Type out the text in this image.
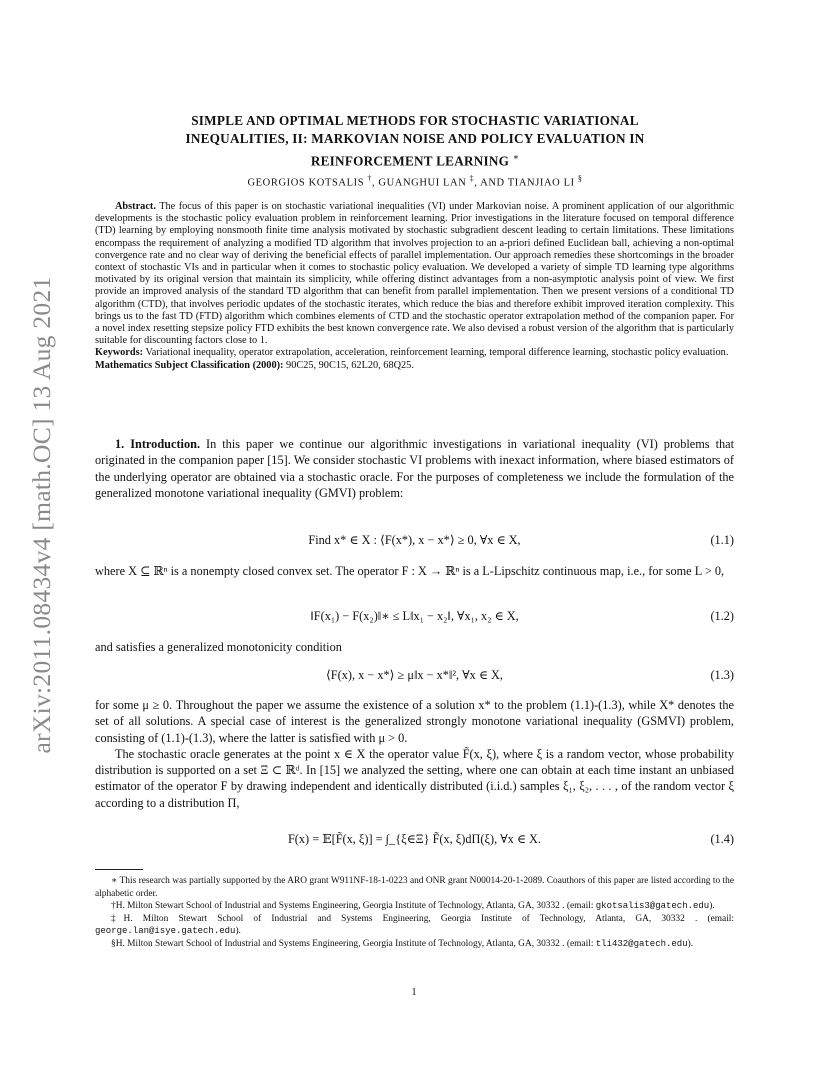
arXiv:2011.08434v4 [math.OC] 13 Aug 2021
SIMPLE AND OPTIMAL METHODS FOR STOCHASTIC VARIATIONAL
INEQUALITIES, II: MARKOVIAN NOISE AND POLICY EVALUATION IN
REINFORCEMENT LEARNING ∗
GEORGIOS KOTSALIS †, GUANGHUI LAN ‡, AND TIANJIAO LI §

Abstract. The focus of this paper is on stochastic variational inequalities (VI) under Markovian noise. A prominent application of our algorithmic developments is the stochastic policy evaluation problem in reinforcement learning. Prior investigations in the literature focused on temporal difference (TD) learning by employing nonsmooth finite time analysis motivated by stochastic subgradient descent leading to certain limitations. These limitations encompass the requirement of analyzing a modified TD algorithm that involves projection to an a-priori defined Euclidean ball, achieving a non-optimal convergence rate and no clear way of deriving the beneficial effects of parallel implementation. Our approach remedies these shortcomings in the broader context of stochastic VIs and in particular when it comes to stochastic policy evaluation. We developed a variety of simple TD learning type algorithms motivated by its original version that maintain its simplicity, while offering distinct advantages from a non-asymptotic analysis point of view. We first provide an improved analysis of the standard TD algorithm that can benefit from parallel implementation. Then we present versions of a conditional TD algorithm (CTD), that involves periodic updates of the stochastic iterates, which reduce the bias and therefore exhibit improved iteration complexity. This brings us to the fast TD (FTD) algorithm which combines elements of CTD and the stochastic operator extrapolation method of the companion paper. For a novel index resetting stepsize policy FTD exhibits the best known convergence rate. We also devised a robust version of the algorithm that is particularly suitable for discounting factors close to 1.

Keywords: Variational inequality, operator extrapolation, acceleration, reinforcement learning, temporal difference learning, stochastic policy evaluation.

Mathematics Subject Classification (2000): 90C25, 90C15, 62L20, 68Q25.

1. Introduction. In this paper we continue our algorithmic investigations in variational inequality (VI) problems that originated in the companion paper [15]. We consider stochastic VI problems with inexact information, where biased estimators of the underlying operator are obtained via a stochastic oracle. For the purposes of completeness we include the formulation of the generalized monotone variational inequality (GMVI) problem:

Find x* ∈ X : ⟨F(x*), x − x*⟩ ≥ 0, ∀x ∈ X,	(1.1)

where X ⊆ ℝⁿ is a nonempty closed convex set. The operator F : X → ℝⁿ is a L-Lipschitz continuous map, i.e., for some L > 0,

‖F(x₁) − F(x₂)‖∗ ≤ L‖x₁ − x₂‖, ∀x₁, x₂ ∈ X,	(1.2)

and satisfies a generalized monotonicity condition

⟨F(x), x − x*⟩ ≥ μ‖x − x*‖², ∀x ∈ X,	(1.3)

for some μ ≥ 0. Throughout the paper we assume the existence of a solution x* to the problem (1.1)-(1.3), while X* denotes the set of all solutions. A special case of interest is the generalized strongly monotone variational inequality (GSMVI) problem, consisting of (1.1)-(1.3), where the latter is satisfied with μ > 0.

The stochastic oracle generates at the point x ∈ X the operator value F̃(x, ξ), where ξ is a random vector, whose probability distribution is supported on a set Ξ ⊂ ℝᵈ. In [15] we analyzed the setting, where one can obtain at each time instant an unbiased estimator of the operator F by drawing independent and identically distributed (i.i.d.) samples ξ₁, ξ₂, . . . , of the random vector ξ according to a distribution Π,

F(x) = 𝔼[F̃(x, ξ)] = ∫_{ξ∈Ξ} F̃(x, ξ)dΠ(ξ), ∀x ∈ X.	(1.4)

∗ This research was partially supported by the ARO grant W911NF-18-1-0223 and ONR grant N00014-20-1-2089. Coauthors of this paper are listed according to the alphabetic order.

†H. Milton Stewart School of Industrial and Systems Engineering, Georgia Institute of Technology, Atlanta, GA, 30332 . (email: gkotsalis3@gatech.edu).

‡H. Milton Stewart School of Industrial and Systems Engineering, Georgia Institute of Technology, Atlanta, GA, 30332 . (email: george.lan@isye.gatech.edu).

§H. Milton Stewart School of Industrial and Systems Engineering, Georgia Institute of Technology, Atlanta, GA, 30332 . (email: tli432@gatech.edu).

1
